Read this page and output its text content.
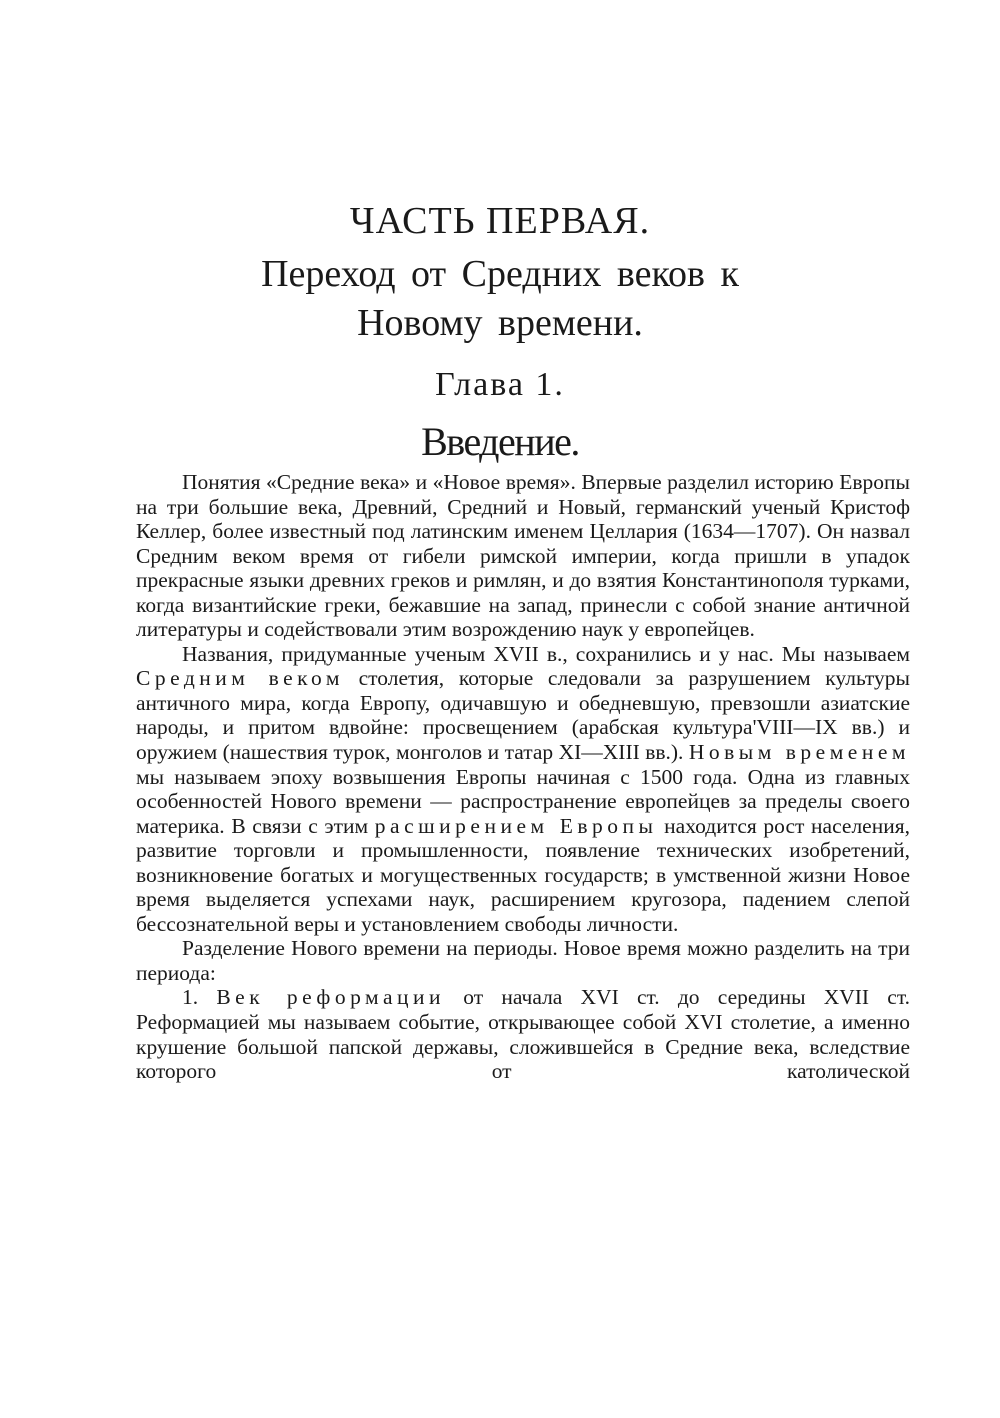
ЧАСТЬ ПЕРВАЯ.
Переход от Средних веков к
Новому времени.
Глава 1.
Введение.

Понятия «Средние века» и «Новое время». Впервые разделил историю Европы на три большие века, Древний, Средний и Новый, германский ученый Кристоф Келлер, более известный под латинским именем Целлария (1634—1707). Он назвал Средним веком время от гибели римской империи, когда пришли в упадок прекрасные языки древних греков и римлян, и до взятия Константинополя турками, когда византийские греки, бежавшие на запад, принесли с собой знание античной литературы и содействовали этим возрождению наук у европейцев.

Названия, придуманные ученым XVII в., сохранились и у нас. Мы называем Средним веком столетия, которые следовали за разрушением культуры античного мира, когда Европу, одичавшую и обедневшую, превзошли азиатские народы, и притом вдвойне: просвещением (арабская культура'VIII—IX вв.) и оружием (нашествия турок, монголов и татар XI—XIII вв.). Новым временем мы называем эпоху возвышения Европы начиная с 1500 года. Одна из главных особенностей Нового времени — распространение европейцев за пределы своего материка. В связи с этим расширением Европы находится рост населения, развитие торговли и промышленности, появление технических изобретений, возникновение богатых и могущественных государств; в умственной жизни Новое время выделяется успехами наук, расширением кругозора, падением слепой бессознательной веры и установлением свободы личности.

Разделение Нового времени на периоды. Новое время можно разделить на три периода:

1. Век реформации от начала XVI ст. до середины XVII ст. Реформацией мы называем событие, открывающее собой XVI столетие, а именно крушение большой папской державы, сложившейся в Средние века, вследствие которого от католической
